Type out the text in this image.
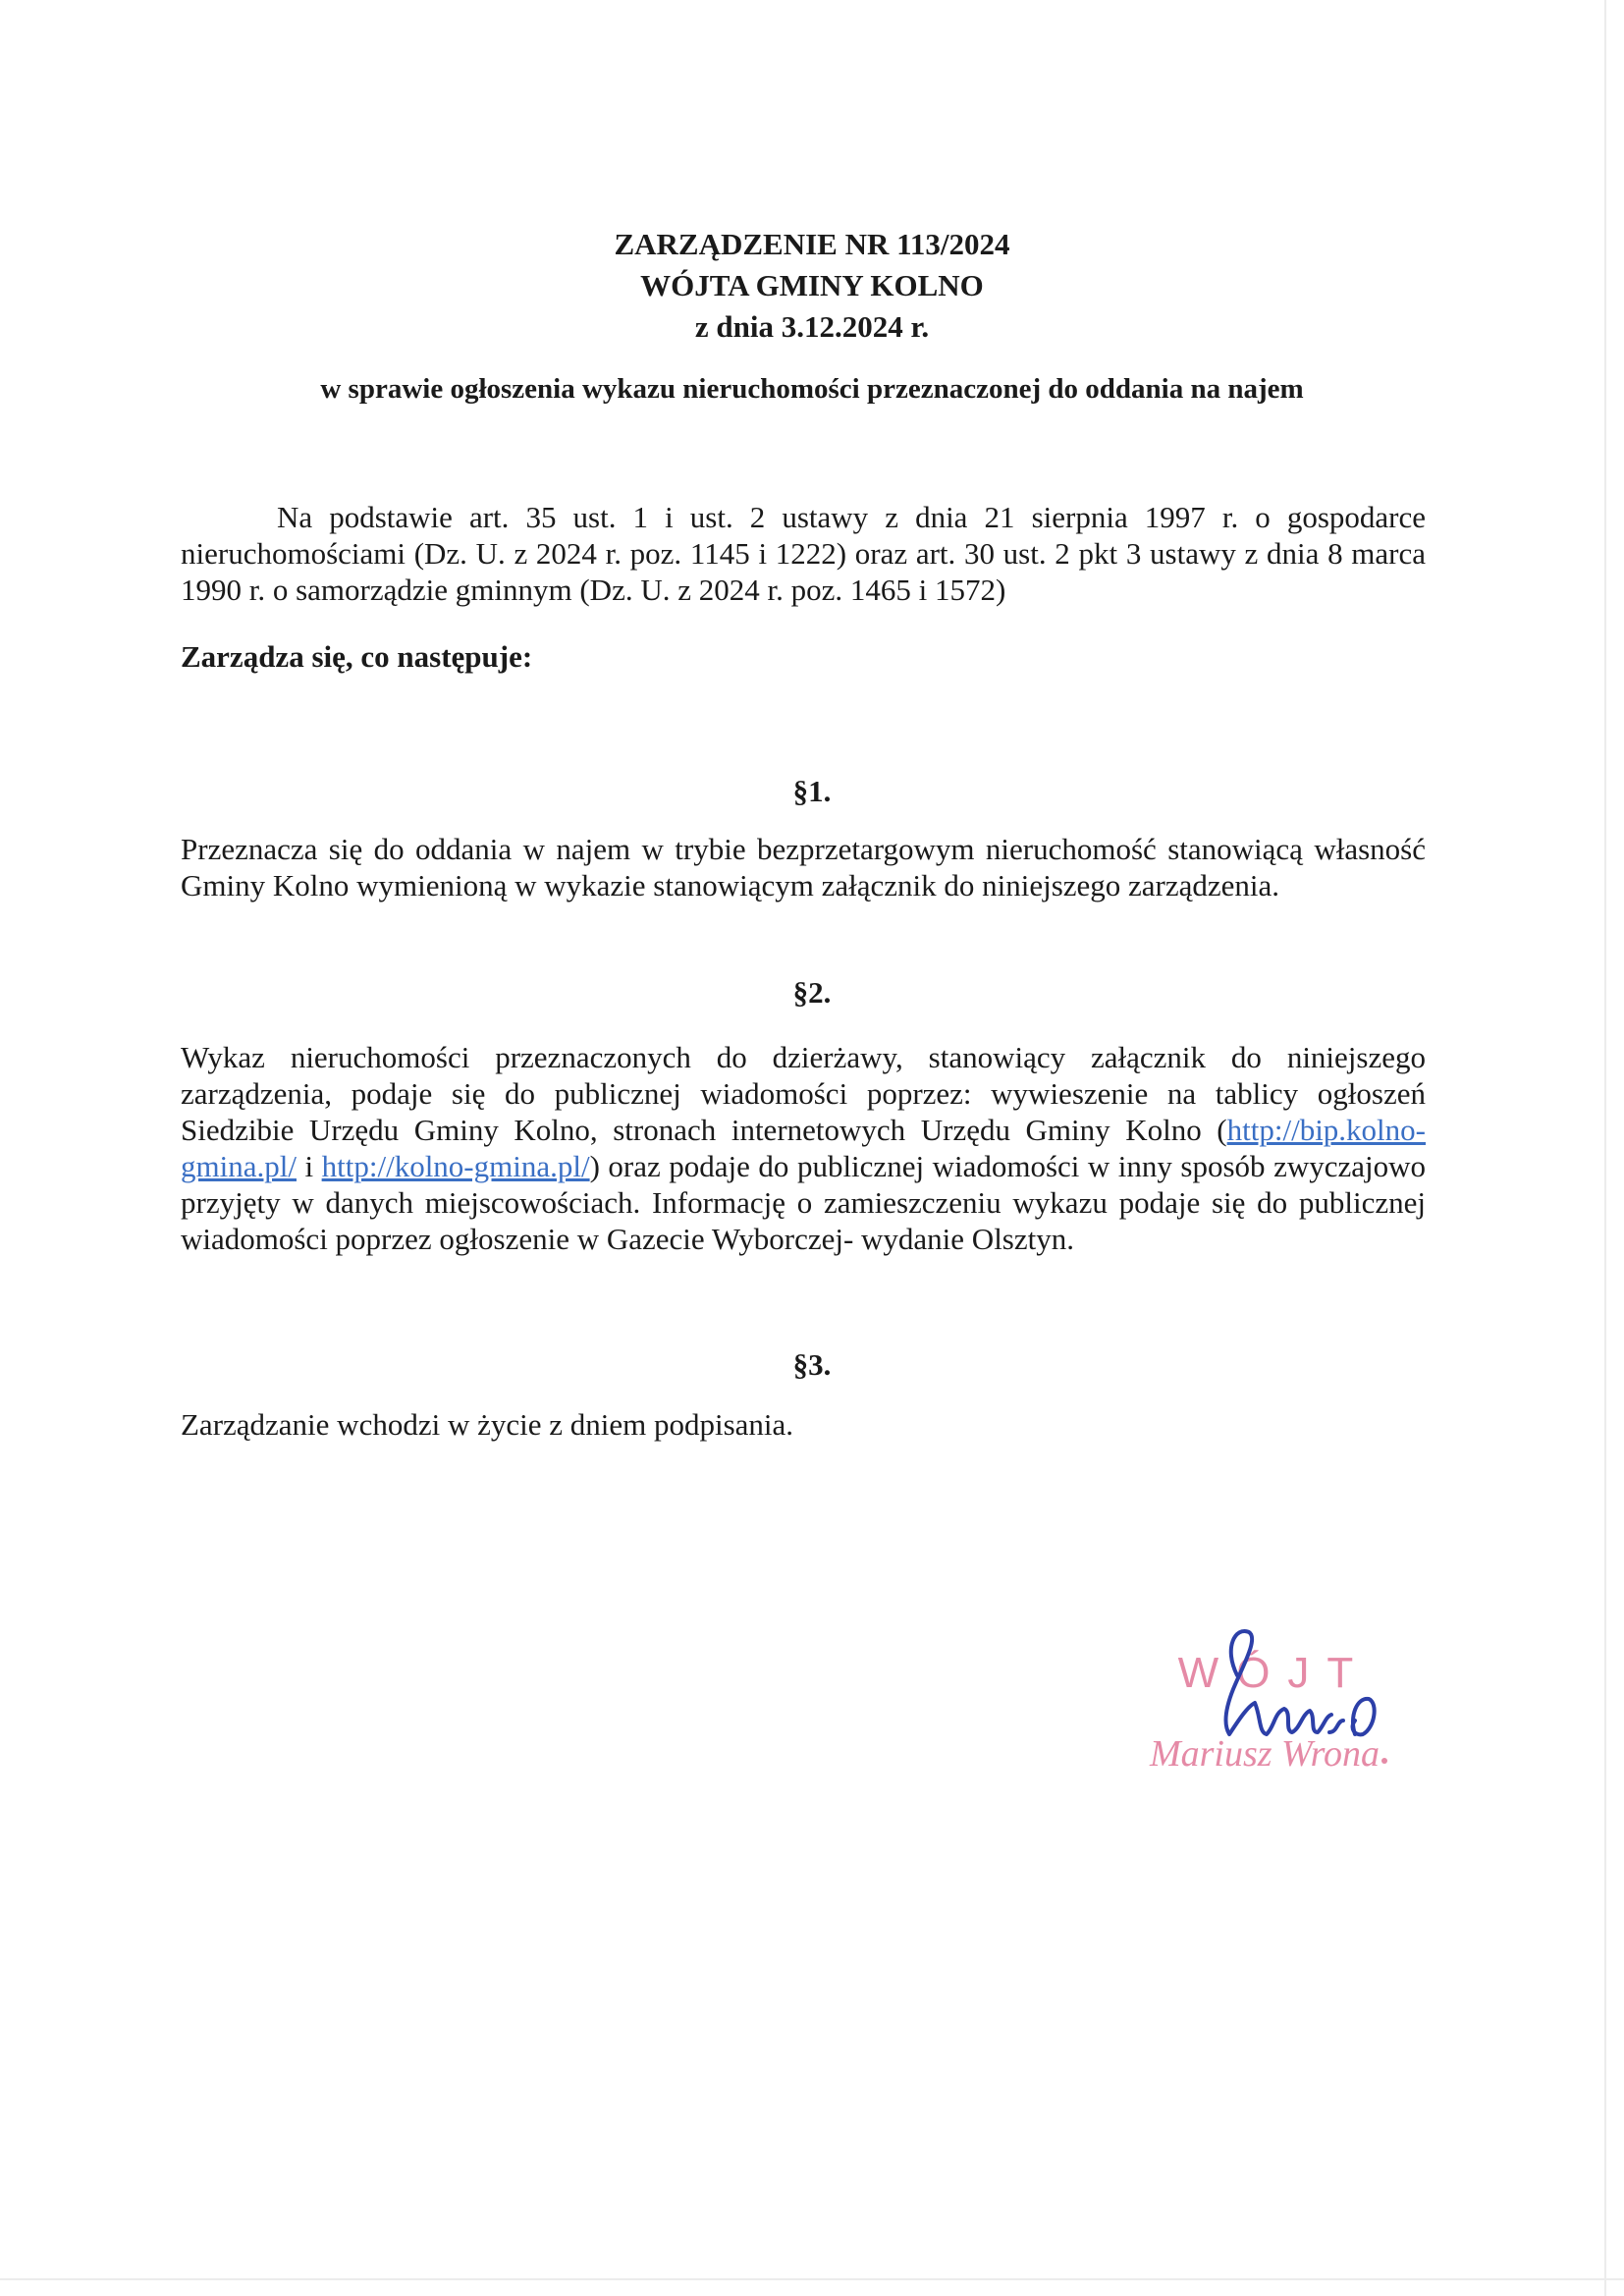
ZARZĄDZENIE NR 113/2024
WÓJTA GMINY KOLNO
z dnia 3.12.2024 r.
w sprawie ogłoszenia wykazu nieruchomości przeznaczonej do oddania na najem
Na podstawie art. 35 ust. 1 i ust. 2 ustawy z dnia 21 sierpnia 1997 r. o gospodarce nieruchomościami (Dz. U. z 2024 r. poz. 1145 i 1222) oraz art. 30 ust. 2 pkt 3 ustawy z dnia 8 marca 1990 r. o samorządzie gminnym (Dz. U. z 2024 r. poz. 1465 i 1572)
Zarządza się, co następuje:
§1.
Przeznacza się do oddania w najem w trybie bezprzetargowym nieruchomość stanowiącą własność Gminy Kolno wymienioną w wykazie stanowiącym załącznik do niniejszego zarządzenia.
§2.
Wykaz nieruchomości przeznaczonych do dzierżawy, stanowiący załącznik do niniejszego zarządzenia, podaje się do publicznej wiadomości poprzez: wywieszenie na tablicy ogłoszeń Siedzibie Urzędu Gminy Kolno, stronach internetowych Urzędu Gminy Kolno (http://bip.kolno-gmina.pl/ i http://kolno-gmina.pl/) oraz podaje do publicznej wiadomości w inny sposób zwyczajowo przyjęty w danych miejscowościach. Informację o zamieszczeniu wykazu podaje się do publicznej wiadomości poprzez ogłoszenie w Gazecie Wyborczej- wydanie Olsztyn.
§3.
Zarządzanie wchodzi w życie z dniem podpisania.
WÓJT
Mariusz Wrona
